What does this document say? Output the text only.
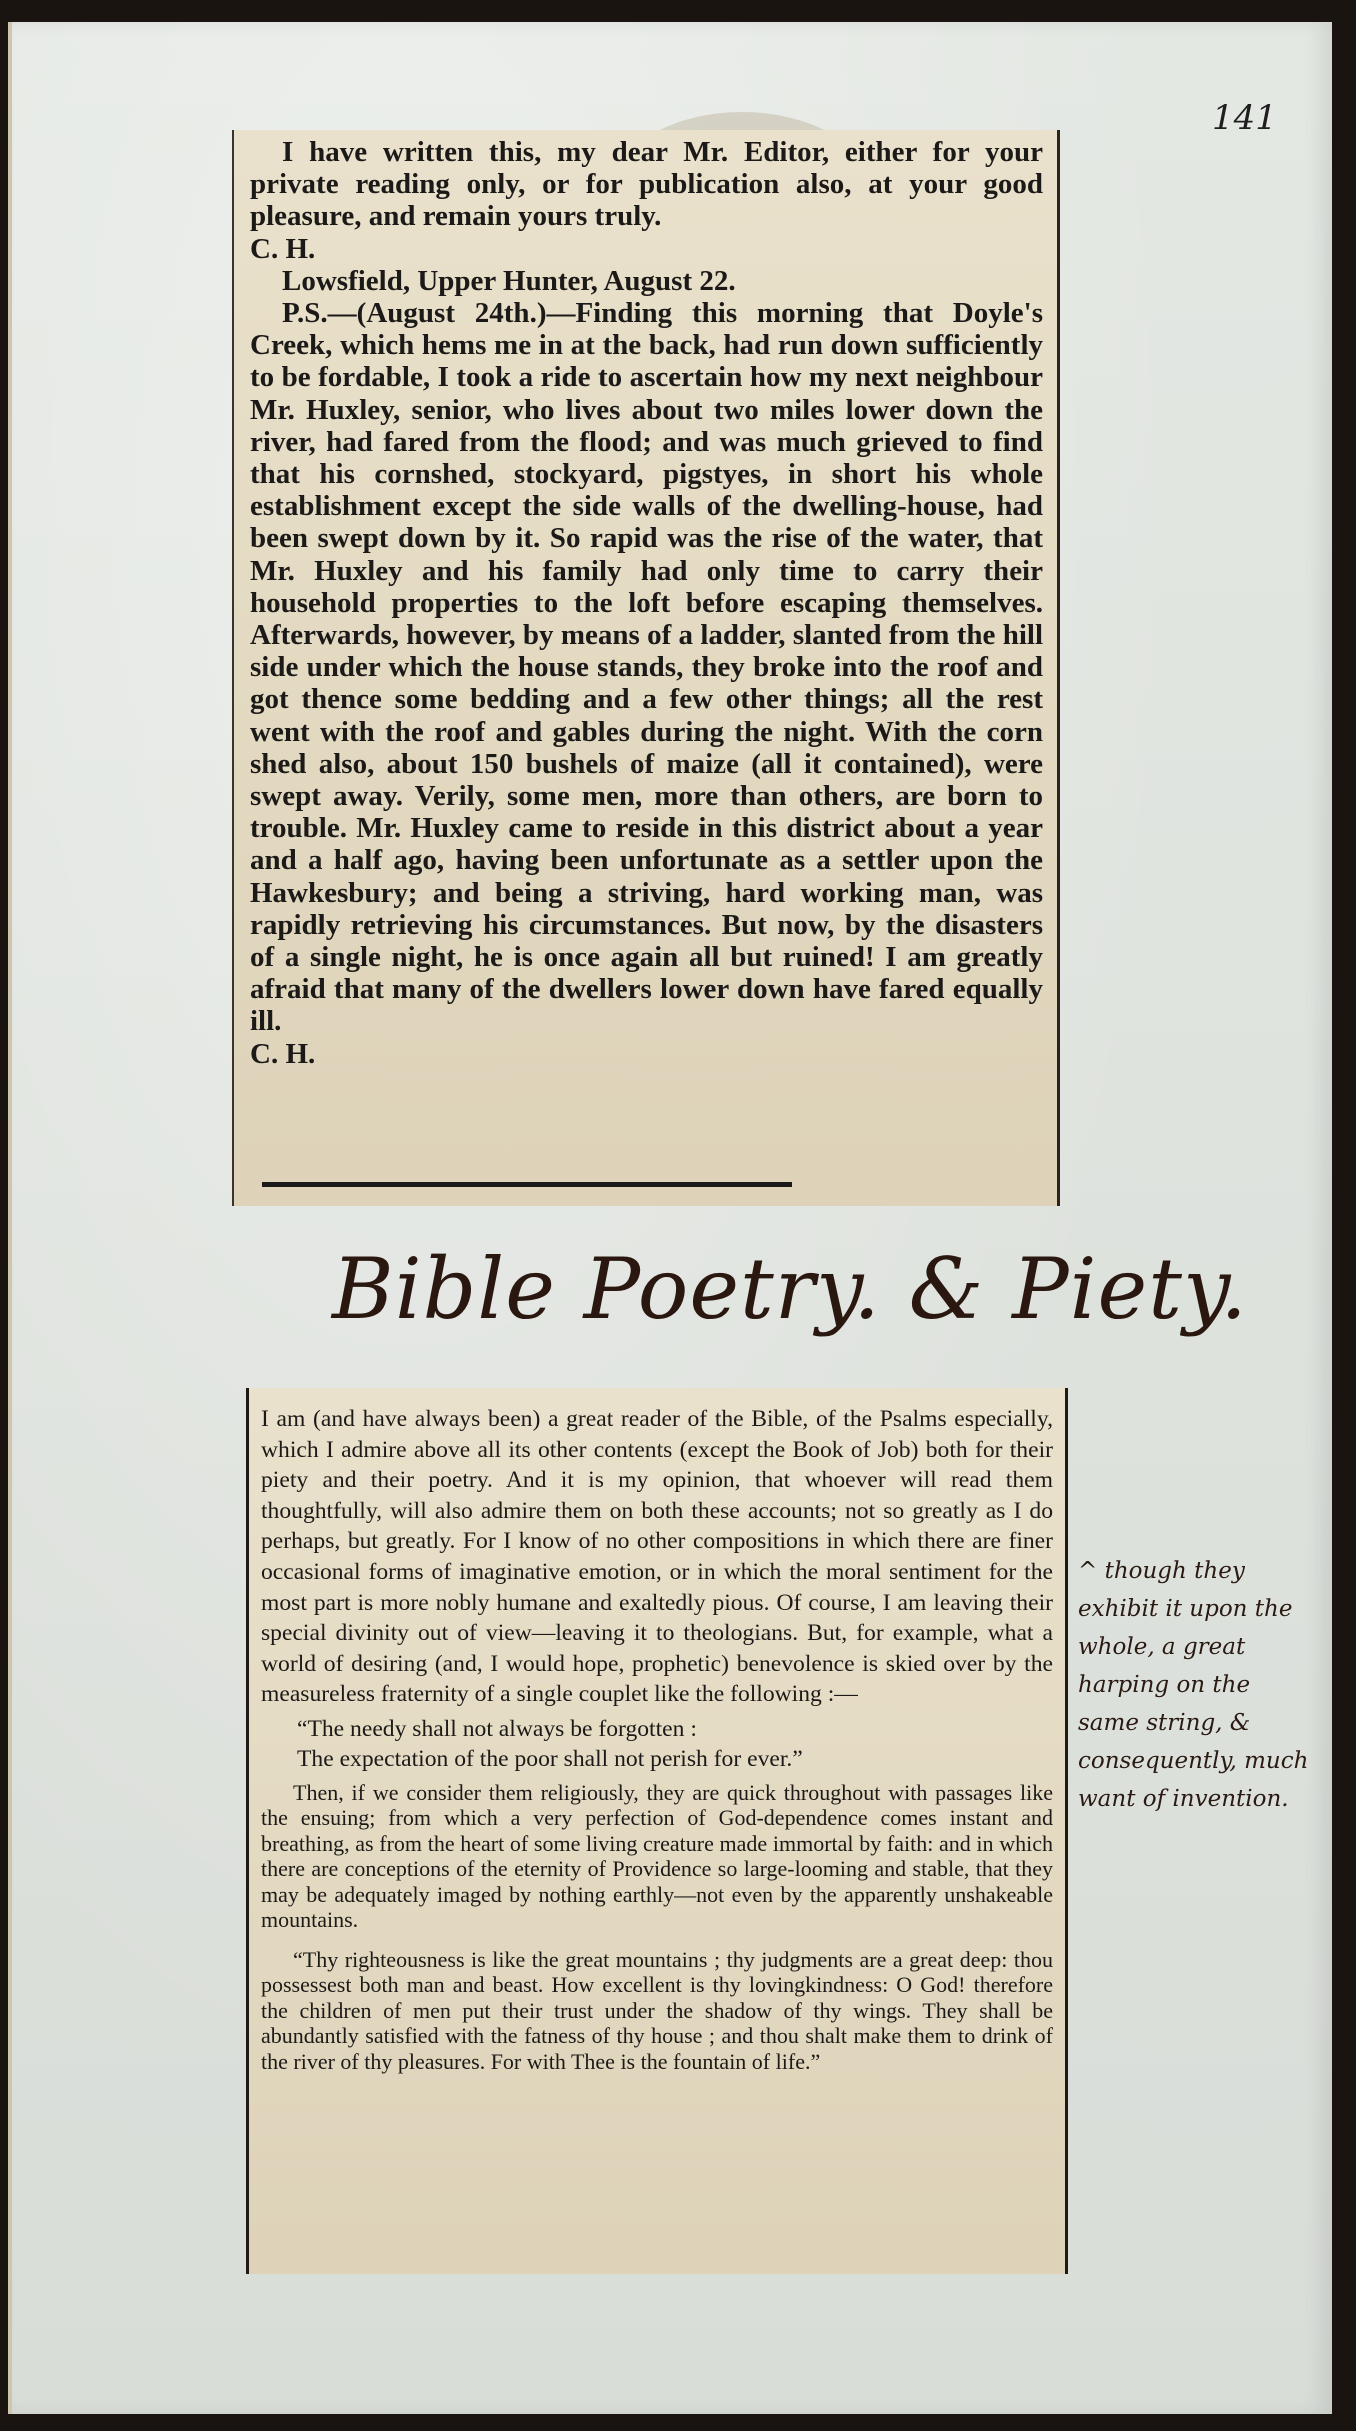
141

I have written this, my dear Mr. Editor, either for your private reading only, or for publication also, at your good pleasure, and remain yours truly.

C. H.

Lowsfield, Upper Hunter, August 22.

P.S.—(August 24th.)—Finding this morning that Doyle's Creek, which hems me in at the back, had run down sufficiently to be fordable, I took a ride to ascertain how my next neighbour Mr. Huxley, senior, who lives about two miles lower down the river, had fared from the flood; and was much grieved to find that his cornshed, stockyard, pigstyes, in short his whole establishment except the side walls of the dwelling-house, had been swept down by it. So rapid was the rise of the water, that Mr. Huxley and his family had only time to carry their household properties to the loft before escaping themselves. Afterwards, however, by means of a ladder, slanted from the hill side under which the house stands, they broke into the roof and got thence some bedding and a few other things; all the rest went with the roof and gables during the night. With the corn shed also, about 150 bushels of maize (all it contained), were swept away. Verily, some men, more than others, are born to trouble. Mr. Huxley came to reside in this district about a year and a half ago, having been unfortunate as a settler upon the Hawkesbury; and being a striving, hard working man, was rapidly retrieving his circumstances. But now, by the disasters of a single night, he is once again all but ruined! I am greatly afraid that many of the dwellers lower down have fared equally ill.

C. H.

Bible Poetry. & Piety.

I am (and have always been) a great reader of the Bible, of the Psalms especially, which I admire above all its other contents (except the Book of Job) both for their piety and their poetry. And it is my opinion, that whoever will read them thoughtfully, will also admire them on both these accounts; not so greatly as I do perhaps, but greatly. For I know of no other compositions in which there are finer occasional forms of imaginative emotion, or in which the moral sentiment for the most part is more nobly humane and exaltedly pious. Of course, I am leaving their special divinity out of view—leaving it to theologians. But, for example, what a world of desiring (and, I would hope, prophetic) benevolence is skied over by the measureless fraternity of a single couplet like the following :—

“The needy shall not always be forgotten :
The expectation of the poor shall not perish for ever.”

Then, if we consider them religiously, they are quick throughout with passages like the ensuing; from which a very perfection of God-dependence comes instant and breathing, as from the heart of some living creature made immortal by faith: and in which there are conceptions of the eternity of Providence so large-looming and stable, that they may be adequately imaged by nothing earthly—not even by the apparently unshakeable mountains.

“Thy righteousness is like the great mountains ; thy judgments are a great deep: thou possessest both man and beast. How excellent is thy lovingkindness: O God! therefore the children of men put their trust under the shadow of thy wings. They shall be abundantly satisfied with the fatness of thy house ; and thou shalt make them to drink of the river of thy pleasures. For with Thee is the fountain of life.”

^ though they
exhibit it upon the
whole, a great
harping on the
same string, &
consequently, much
want of invention.
